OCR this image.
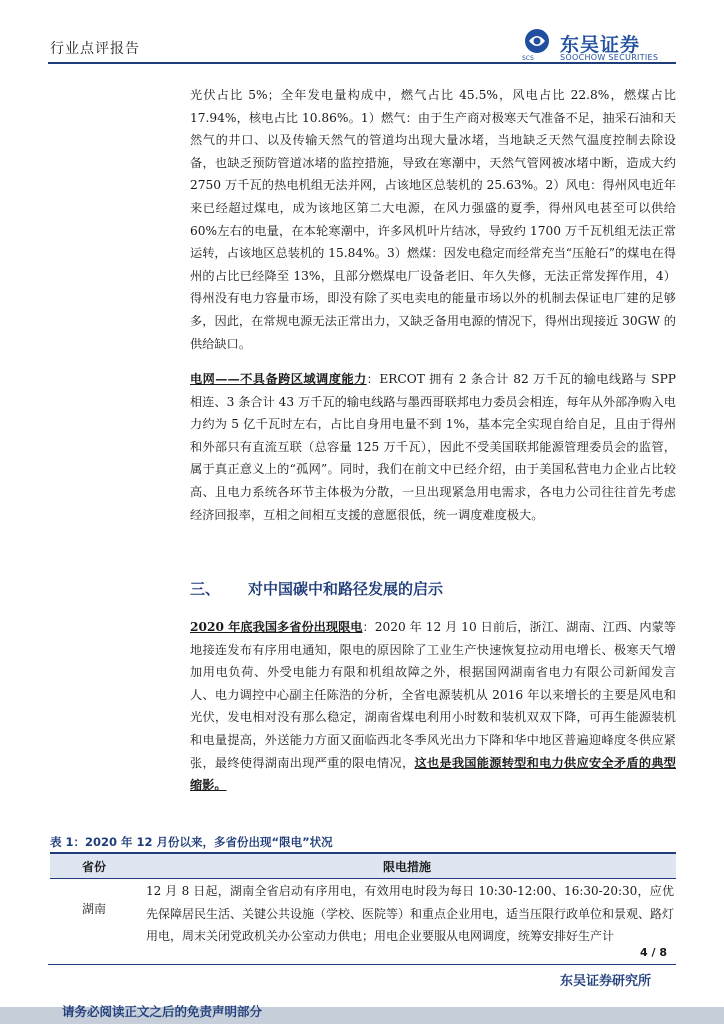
行业点评报告
SCS
东吴证券
SOOCHOW SECURITIES

光伏占比 5%；全年发电量构成中，燃气占比 45.5%，风电占比 22.8%，燃煤占比 17.94%，核电占比 10.86%。1）燃气：由于生产商对极寒天气准备不足，抽采石油和天然气的井口、以及传输天然气的管道均出现大量冰堵，当地缺乏天然气温度控制去除设备，也缺乏预防管道冰堵的监控措施，导致在寒潮中，天然气管网被冰堵中断，造成大约 2750 万千瓦的热电机组无法并网，占该地区总装机的 25.63%。2）风电：得州风电近年来已经超过煤电，成为该地区第二大电源，在风力强盛的夏季，得州风电甚至可以供给 60%左右的电量，在本轮寒潮中，许多风机叶片结冰，导致约 1700 万千瓦机组无法正常运转，占该地区总装机的 15.84%。3）燃煤：因发电稳定而经常充当“压舱石”的煤电在得州的占比已经降至 13%，且部分燃煤电厂设备老旧、年久失修，无法正常发挥作用，4）得州没有电力容量市场，即没有除了买电卖电的能量市场以外的机制去保证电厂建的足够多，因此，在常规电源无法正常出力，又缺乏备用电源的情况下，得州出现接近 30GW 的供给缺口。

电网——不具备跨区域调度能力：ERCOT 拥有 2 条合计 82 万千瓦的输电线路与 SPP 相连、3 条合计 43 万千瓦的输电线路与墨西哥联邦电力委员会相连，每年从外部净购入电力约为 5 亿千瓦时左右，占比自身用电量不到 1%，基本完全实现自给自足，且由于得州和外部只有直流互联（总容量 125 万千瓦），因此不受美国联邦能源管理委员会的监管，属于真正意义上的“孤网”。同时，我们在前文中已经介绍，由于美国私营电力企业占比较高、且电力系统各环节主体极为分散，一旦出现紧急用电需求，各电力公司往往首先考虑经济回报率，互相之间相互支援的意愿很低，统一调度难度极大。

三、 对中国碳中和路径发展的启示

2020 年底我国多省份出现限电：2020 年 12 月 10 日前后，浙江、湖南、江西、内蒙等地接连发布有序用电通知，限电的原因除了工业生产快速恢复拉动用电增长、极寒天气增加用电负荷、外受电能力有限和机组故障之外，根据国网湖南省电力有限公司新闻发言人、电力调控中心副主任陈浩的分析，全省电源装机从 2016 年以来增长的主要是风电和光伏，发电相对没有那么稳定，湖南省煤电利用小时数和装机双双下降，可再生能源装机和电量提高，外送能力方面又面临西北冬季风光出力下降和华中地区普遍迎峰度冬供应紧张，最终使得湖南出现严重的限电情况，这也是我国能源转型和电力供应安全矛盾的典型缩影。

表 1：2020 年 12 月份以来，多省份出现“限电”状况
省份	限电措施
湖南

12 月 8 日起，湖南全省启动有序用电，有效用电时段为每日 10:30-12:00、16:30-20:30，应优先保障居民生活、关键公共设施（学校、医院等）和重点企业用电，适当压限行政单位和景观、路灯用电，周末关闭党政机关办公室动力供电；用电企业要服从电网调度，统筹安排好生产计

4 / 8
东吴证券研究所
请务必阅读正文之后的免责声明部分
